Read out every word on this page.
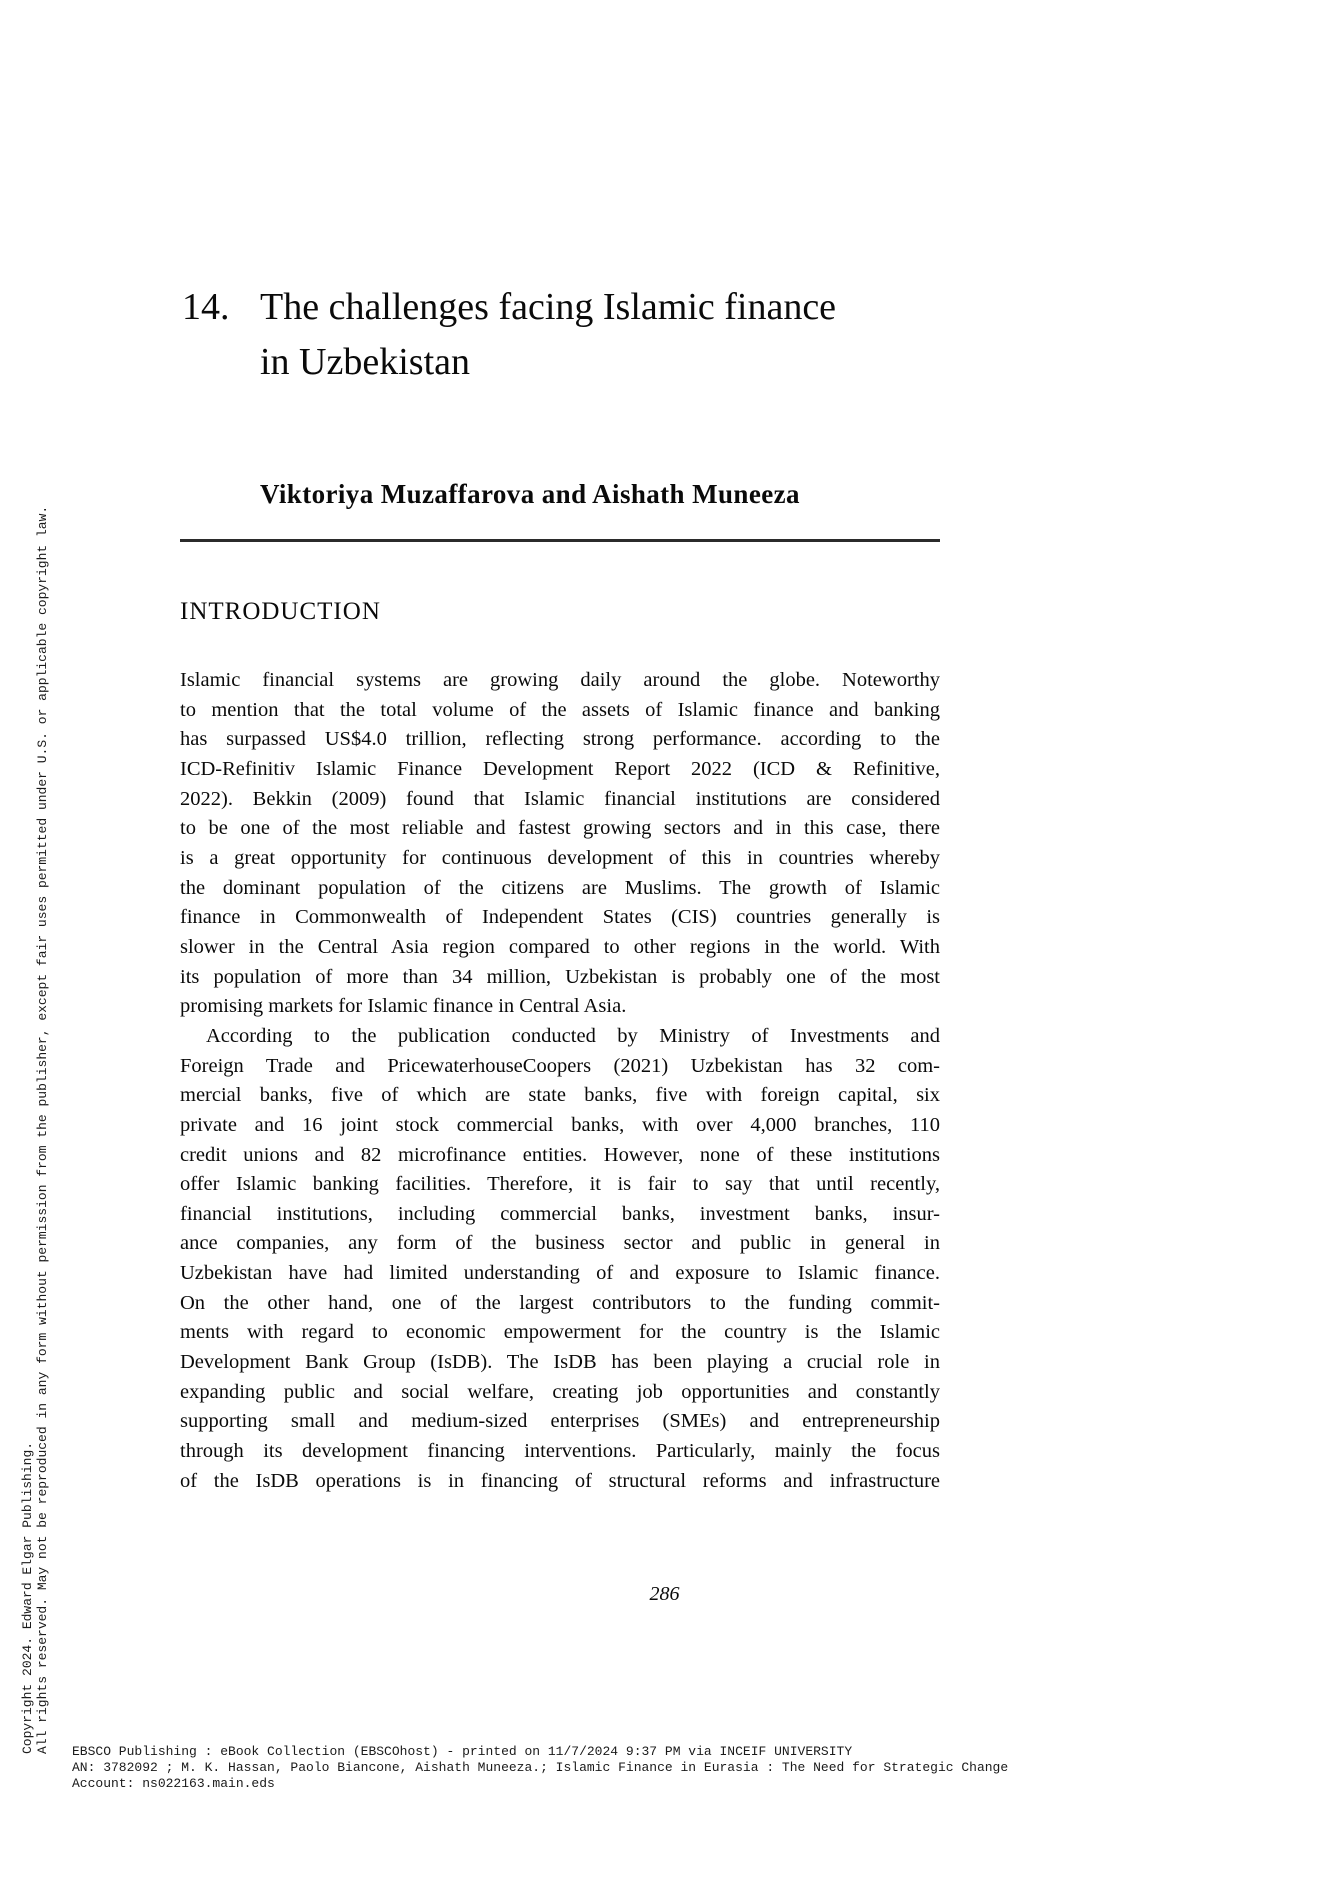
Copyright 2024. Edward Elgar Publishing. All rights reserved. May not be reproduced in any form without permission from the publisher, except fair uses permitted under U.S. or applicable copyright law.
14. The challenges facing Islamic finance
in Uzbekistan
Viktoriya Muzaffarova and Aishath Muneeza
INTRODUCTION
Islamic financial systems are growing daily around the globe. Noteworthy
to mention that the total volume of the assets of Islamic finance and banking
has surpassed US$4.0 trillion, reflecting strong performance. according to the
ICD-Refinitiv Islamic Finance Development Report 2022 (ICD & Refinitive,
2022). Bekkin (2009) found that Islamic financial institutions are considered
to be one of the most reliable and fastest growing sectors and in this case, there
is a great opportunity for continuous development of this in countries whereby
the dominant population of the citizens are Muslims. The growth of Islamic
finance in Commonwealth of Independent States (CIS) countries generally is
slower in the Central Asia region compared to other regions in the world. With
its population of more than 34 million, Uzbekistan is probably one of the most
promising markets for Islamic finance in Central Asia.
According to the publication conducted by Ministry of Investments and
Foreign Trade and PricewaterhouseCoopers (2021) Uzbekistan has 32 com-
mercial banks, five of which are state banks, five with foreign capital, six
private and 16 joint stock commercial banks, with over 4,000 branches, 110
credit unions and 82 microfinance entities. However, none of these institutions
offer Islamic banking facilities. Therefore, it is fair to say that until recently,
financial institutions, including commercial banks, investment banks, insur-
ance companies, any form of the business sector and public in general in
Uzbekistan have had limited understanding of and exposure to Islamic finance.
On the other hand, one of the largest contributors to the funding commit-
ments with regard to economic empowerment for the country is the Islamic
Development Bank Group (IsDB). The IsDB has been playing a crucial role in
expanding public and social welfare, creating job opportunities and constantly
supporting small and medium-sized enterprises (SMEs) and entrepreneurship
through its development financing interventions. Particularly, mainly the focus
of the IsDB operations is in financing of structural reforms and infrastructure
286
EBSCO Publishing : eBook Collection (EBSCOhost) - printed on 11/7/2024 9:37 PM via INCEIF UNIVERSITY
AN: 3782092 ; M. K. Hassan, Paolo Biancone, Aishath Muneeza.; Islamic Finance in Eurasia : The Need for Strategic Change
Account: ns022163.main.eds
